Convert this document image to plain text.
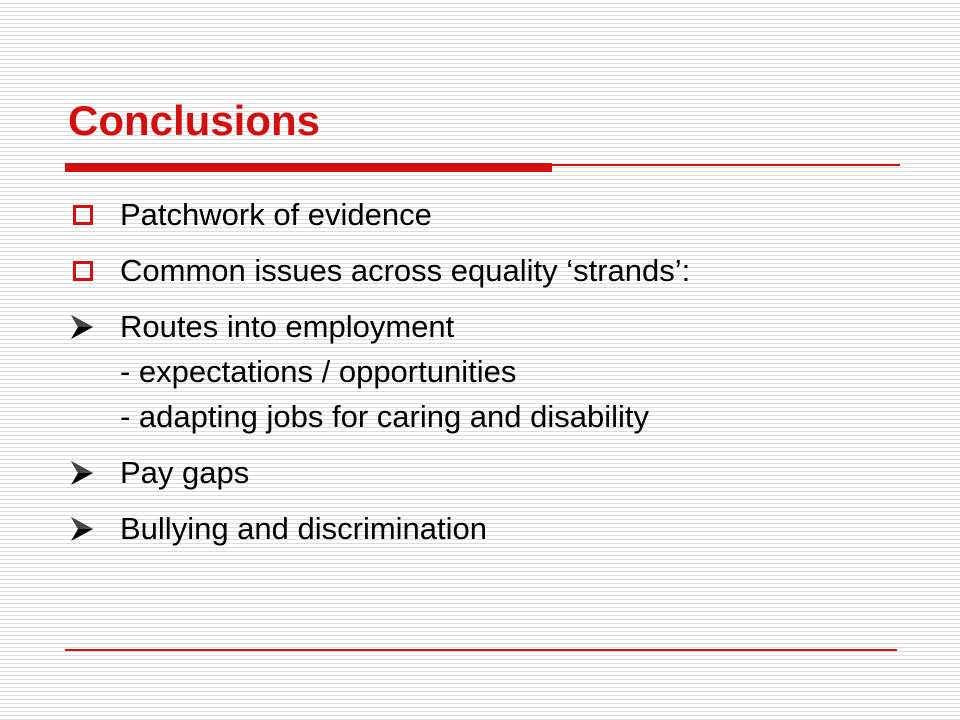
Conclusions
Patchwork of evidence
Common issues across equality ‘strands’:
Routes into employment
- expectations / opportunities
- adapting jobs for caring and disability
Pay gaps
Bullying and discrimination
